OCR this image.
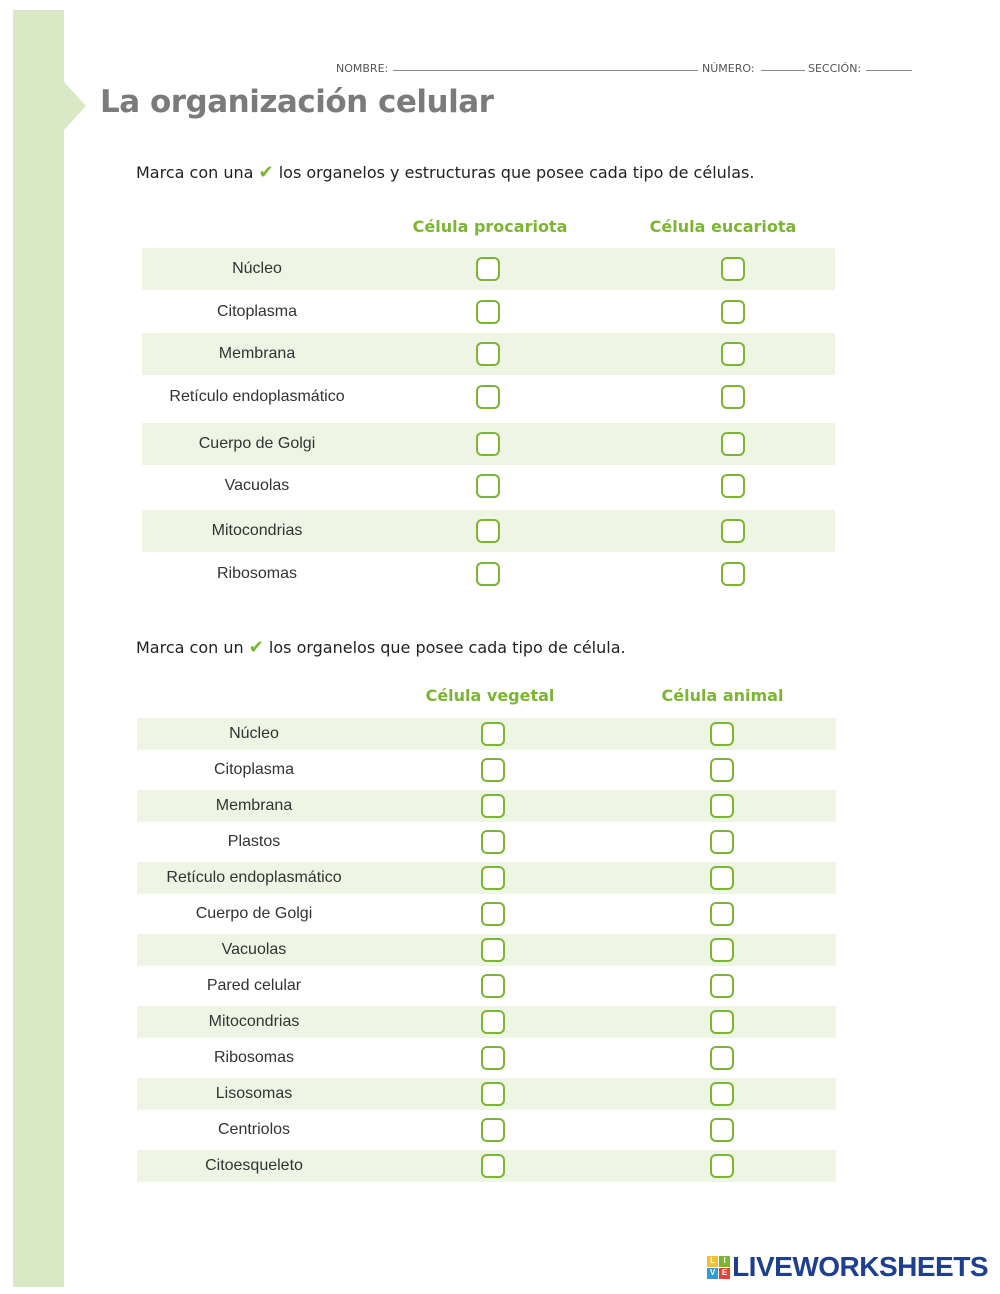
NOMBRE:	NÚMERO:	SECCIÓN:
La organización celular
Marca con una ✔ los organelos y estructuras que posee cada tipo de células.
Célula procariota	Célula eucariota
Núcleo
Citoplasma
Membrana
Retículo endoplasmático
Cuerpo de Golgi
Vacuolas
Mitocondrias
Ribosomas
Marca con un ✔ los organelos que posee cada tipo de célula.
Célula vegetal	Célula animal
Núcleo
Citoplasma
Membrana
Plastos
Retículo endoplasmático
Cuerpo de Golgi
Vacuolas
Pared celular
Mitocondrias
Ribosomas
Lisosomas
Centriolos
Citoesqueleto
L	I
V E LIVEWORKSHEETS
